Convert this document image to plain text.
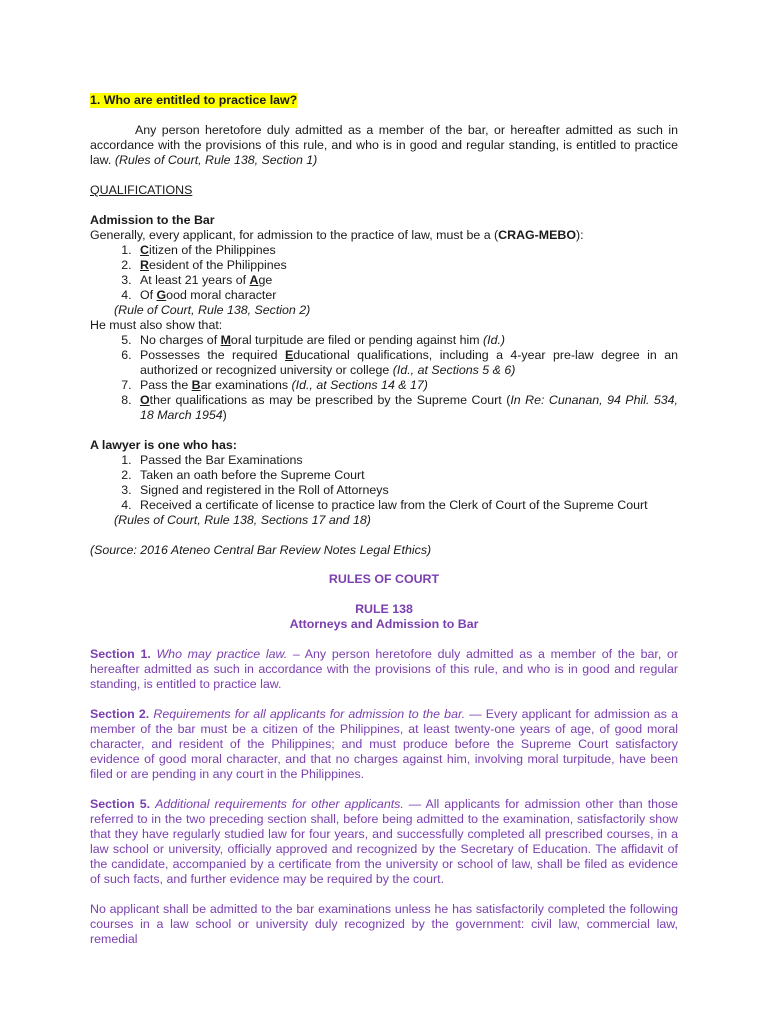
1. Who are entitled to practice law?

Any person heretofore duly admitted as a member of the bar, or hereafter admitted as such in accordance with the provisions of this rule, and who is in good and regular standing, is entitled to practice law. (Rules of Court, Rule 138, Section 1)

QUALIFICATIONS

Admission to the Bar

Generally, every applicant, for admission to the practice of law, must be a (CRAG-MEBO):

1. Citizen of the Philippines
2. Resident of the Philippines
3. At least 21 years of Age
4. Of Good moral character

(Rule of Court, Rule 138, Section 2)

He must also show that:

5. No charges of Moral turpitude are filed or pending against him (Id.)
6. Possesses the required Educational qualifications, including a 4-year pre-law degree in an authorized or recognized university or college (Id., at Sections 5 & 6)
7. Pass the Bar examinations (Id., at Sections 14 & 17)
8. Other qualifications as may be prescribed by the Supreme Court (In Re: Cunanan, 94 Phil. 534, 18 March 1954)

A lawyer is one who has:

1. Passed the Bar Examinations
2. Taken an oath before the Supreme Court
3. Signed and registered in the Roll of Attorneys
4. Received a certificate of license to practice law from the Clerk of Court of the Supreme Court

(Rules of Court, Rule 138, Sections 17 and 18)

(Source: 2016 Ateneo Central Bar Review Notes Legal Ethics)

RULES OF COURT

RULE 138

Attorneys and Admission to Bar

Section 1. Who may practice law. – Any person heretofore duly admitted as a member of the bar, or hereafter admitted as such in accordance with the provisions of this rule, and who is in good and regular standing, is entitled to practice law.

Section 2. Requirements for all applicants for admission to the bar. — Every applicant for admission as a member of the bar must be a citizen of the Philippines, at least twenty-one years of age, of good moral character, and resident of the Philippines; and must produce before the Supreme Court satisfactory evidence of good moral character, and that no charges against him, involving moral turpitude, have been filed or are pending in any court in the Philippines.

Section 5. Additional requirements for other applicants. — All applicants for admission other than those referred to in the two preceding section shall, before being admitted to the examination, satisfactorily show that they have regularly studied law for four years, and successfully completed all prescribed courses, in a law school or university, officially approved and recognized by the Secretary of Education. The affidavit of the candidate, accompanied by a certificate from the university or school of law, shall be filed as evidence of such facts, and further evidence may be required by the court.

No applicant shall be admitted to the bar examinations unless he has satisfactorily completed the following courses in a law school or university duly recognized by the government: civil law, commercial law, remedial
